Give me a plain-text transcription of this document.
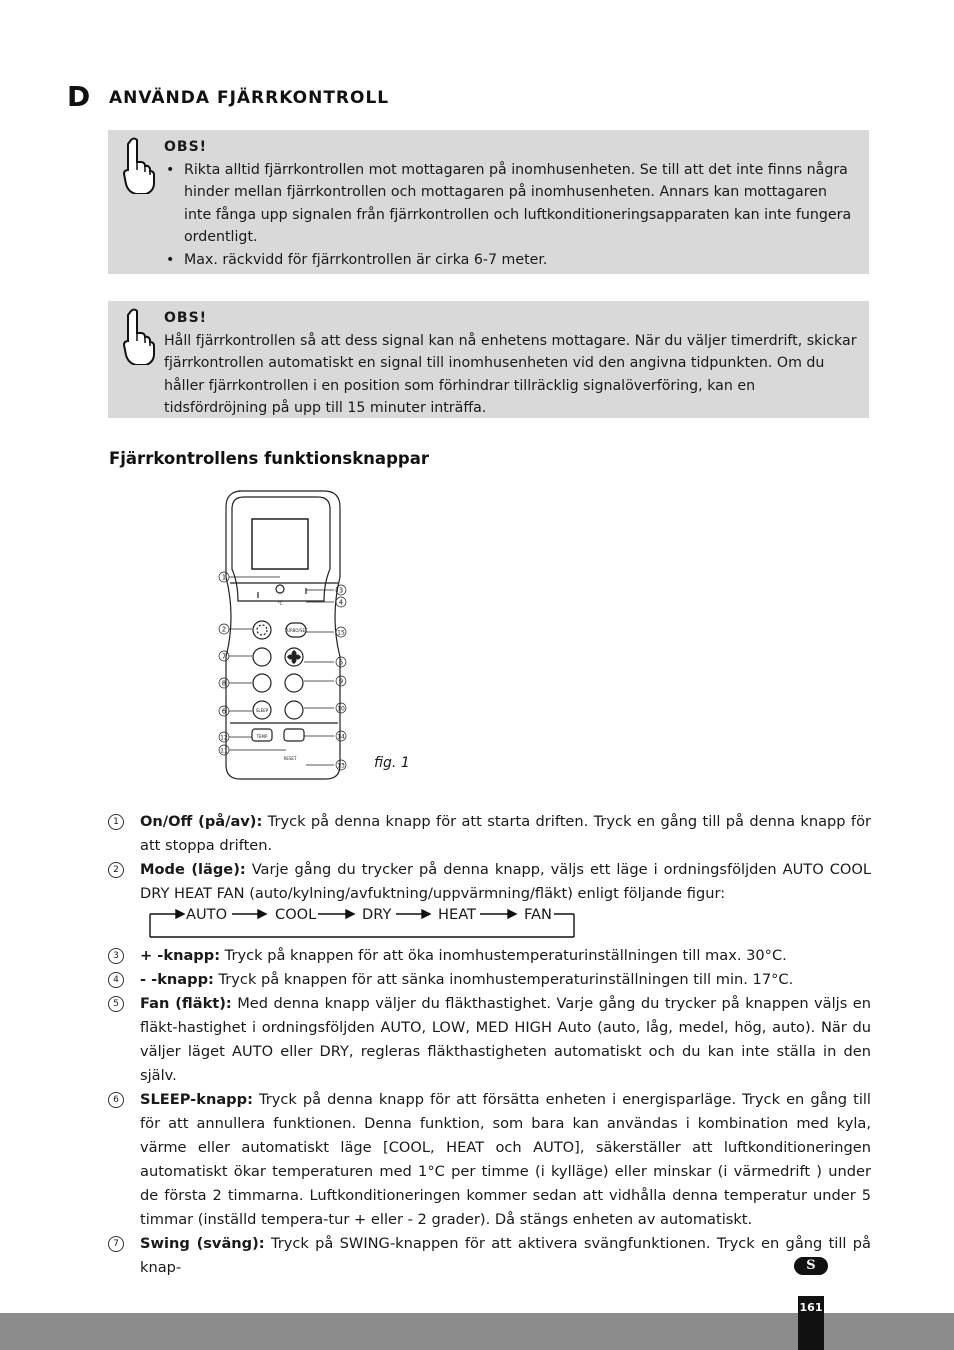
D ANVÄNDA FJÄRRKONTROLL
OBS!
• Rikta alltid fjärrkontrollen mot mottagaren på inomhusenheten. Se till att det inte finns några hinder mellan fjärrkontrollen och mottagaren på inomhusenheten. Annars kan mottagaren inte fånga upp signalen från fjärrkontrollen och luftkonditioneringsapparaten kan inte fungera ordentligt.
• Max. räckvidd för fjärrkontrollen är cirka 6-7 meter.
OBS!
Håll fjärrkontrollen så att dess signal kan nå enhetens mottagare. När du väljer timerdrift, skickar fjärrkontrollen automatiskt en signal till inomhusenheten vid den angivna tidpunkten. Om du håller fjärrkontrollen i en position som förhindrar tillräcklig signalöverföring, kan en tidsfördröjning på upp till 15 minuter inträffa.
Fjärrkontrollens funktionsknappar
TURBO/SET
SLEEP
TEMP
RESET
°C
1
2
7
8
6
12
11
3
4
15
5
9
10
14
13 fig. 1
1	On/Off (på/av): Tryck på denna knapp för att starta driften. Tryck en gång till på denna knapp för att stoppa driften.
2	Mode (läge): Varje gång du trycker på denna knapp, väljs ett läge i ordningsföljden AUTO COOL DRY HEAT FAN (auto/kylning/avfuktning/uppvärmning/fläkt) enligt följande figur:
AUTO	COOL	DRY	HEAT	FAN
3	+ -knapp: Tryck på knappen för att öka inomhustemperaturinställningen till max. 30°C.
4	- -knapp: Tryck på knappen för att sänka inomhustemperaturinställningen till min. 17°C.
5	Fan (fläkt): Med denna knapp väljer du fläkthastighet. Varje gång du trycker på knappen väljs en fläkt-hastighet i ordningsföljden AUTO, LOW, MED HIGH Auto (auto, låg, medel, hög, auto). När du väljer läget AUTO eller DRY, regleras fläkthastigheten automatiskt och du kan inte ställa in den själv.
6	SLEEP-knapp: Tryck på denna knapp för att försätta enheten i energisparläge. Tryck en gång till för att annullera funktionen. Denna funktion, som bara kan användas i kombination med kyla, värme eller automatiskt läge [COOL, HEAT och AUTO], säkerställer att luftkonditioneringen automatiskt ökar temperaturen med 1°C per timme (i kylläge) eller minskar (i värmedrift ) under de första 2 timmarna. Luftkonditioneringen kommer sedan att vidhålla denna temperatur under 5 timmar (inställd tempera-tur + eller - 2 grader). Då stängs enheten av automatiskt.
7	Swing (sväng): Tryck på SWING-knappen för att aktivera svängfunktionen. Tryck en gång till på knap-	S
161
